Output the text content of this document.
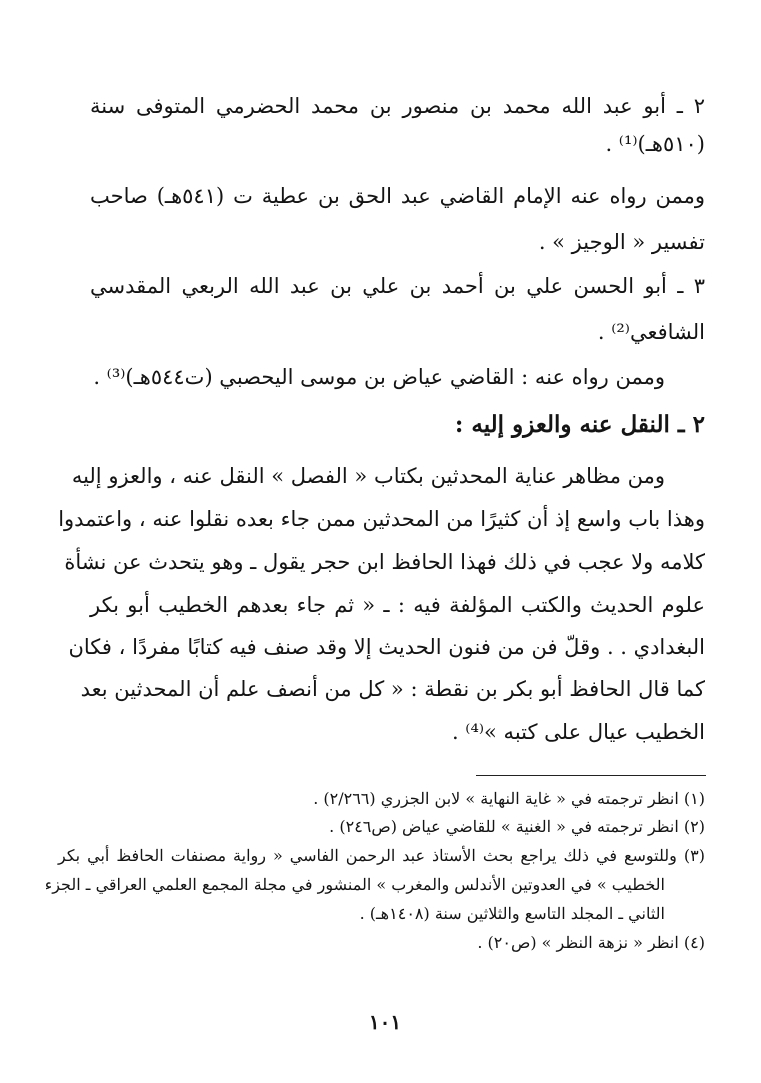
٢ ـ أبو عبد الله محمد بن منصور بن محمد الحضرمي المتوفى سنة
(٥١٠هـ)⁽¹⁾ .
وممن رواه عنه الإمام القاضي عبد الحق بن عطية ت (٥٤١هـ) صاحب
تفسير « الوجيز » .
٣ ـ أبو الحسن علي بن أحمد بن علي بن عبد الله الربعي المقدسي
الشافعي⁽²⁾ .
وممن رواه عنه : القاضي عياض بن موسى اليحصبي (ت٥٤٤هـ)⁽³⁾ .
٢ ـ النقل عنه والعزو إليه :
ومن مظاهر عناية المحدثين بكتاب « الفصل » النقل عنه ، والعزو إليه
وهذا باب واسع إذ أن كثيرًا من المحدثين ممن جاء بعده نقلوا عنه ، واعتمدوا
كلامه ولا عجب في ذلك فهذا الحافظ ابن حجر يقول ـ وهو يتحدث عن نشأة
علوم الحديث والكتب المؤلفة فيه : ـ « ثم جاء بعدهم الخطيب أبو بكر
البغدادي . . وقلّ فن من فنون الحديث إلا وقد صنف فيه كتابًا مفردًا ، فكان
كما قال الحافظ أبو بكر بن نقطة : « كل من أنصف علم أن المحدثين بعد
الخطيب عيال على كتبه »⁽⁴⁾ .
(١) انظر ترجمته في « غاية النهاية » لابن الجزري (٢/٢٦٦) .
(٢) انظر ترجمته في « الغنية » للقاضي عياض (ص٢٤٦) .
(٣) وللتوسع في ذلك يراجع بحث الأستاذ عبد الرحمن الفاسي « رواية مصنفات الحافظ أبي بكر
الخطيب » في العدوتين الأندلس والمغرب » المنشور في مجلة المجمع العلمي العراقي ـ الجزء
الثاني ـ المجلد التاسع والثلاثين سنة (١٤٠٨هـ) .
(٤) انظر « نزهة النظر » (ص٢٠) .
١٠١
